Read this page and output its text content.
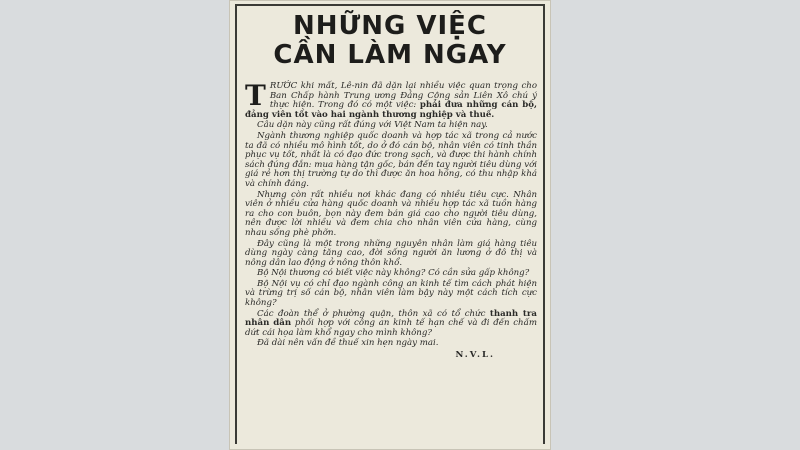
NHỮNG VIỆC
CẦN LÀM NGAY

TRƯỚC khi mất, Lê-nin đã dặn lại nhiều việc quan trọng cho Ban Chấp hành Trung ương Đảng Cộng sản Liên Xô chú ý thực hiện. Trong đó có một việc: phải đưa những cán bộ, đảng viên tốt vào hai ngành thương nghiệp và thuế.

Câu dặn này cũng rất đúng với Việt Nam ta hiện nay.

Ngành thương nghiệp quốc doanh và hợp tác xã trong cả nước ta đã có nhiều mô hình tốt, do ở đó cán bộ, nhân viên có tinh thần phục vụ tốt, nhất là có đạo đức trong sạch, và được thi hành chính sách đúng đắn: mua hàng tận gốc, bán đến tay người tiêu dùng với giá rẻ hơn thị trường tự do thì được ăn hoa hồng, có thu nhập khá và chính đáng.

Nhưng còn rất nhiều nơi khác đang có nhiều tiêu cực. Nhân viên ở nhiều cửa hàng quốc doanh và nhiều hợp tác xã tuồn hàng ra cho con buôn, bọn này đem bán giá cao cho người tiêu dùng, nên được lời nhiều và đem chia cho nhân viên cửa hàng, cùng nhau sống phè phỡn.

Đây cũng là một trong những nguyên nhân làm giá hàng tiêu dùng ngày càng tăng cao, đời sống người ăn lương ở đô thị và nông dân lao động ở nông thôn khổ.

Bộ Nội thương có biết việc này không? Có cần sửa gấp không?

Bộ Nội vụ có chỉ đạo ngành công an kinh tế tìm cách phát hiện và trừng trị số cán bộ, nhân viên làm bậy này một cách tích cực không?

Các đoàn thể ở phường quận, thôn xã có tổ chức thanh tra nhân dân phối hợp với công an kinh tế hạn chế và đi đến chấm dứt cái họa làm khổ ngay cho mình không?

Đã dài nên vấn đề thuế xin hẹn ngày mai.

N.V.L.
